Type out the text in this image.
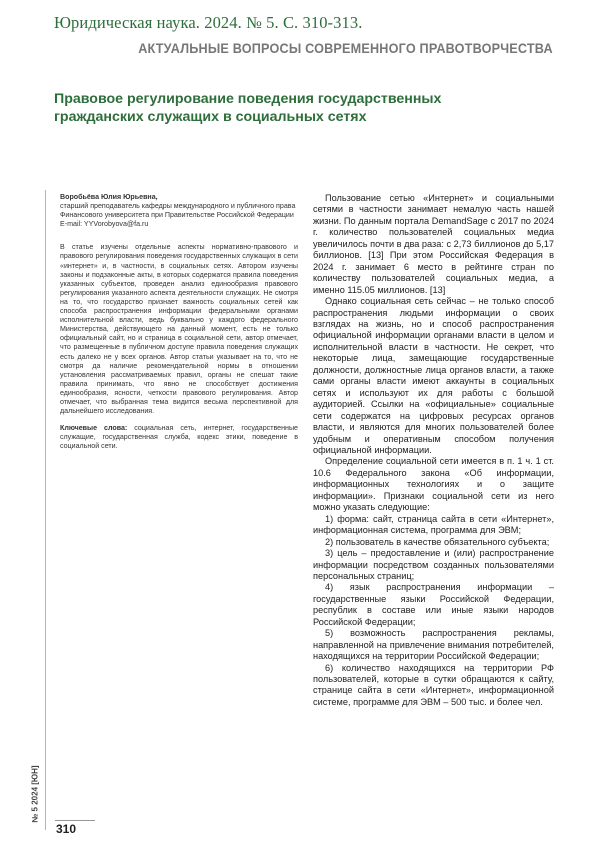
Юридическая наука. 2024. № 5. С. 310-313.
АКТУАЛЬНЫЕ ВОПРОСЫ СОВРЕМЕННОГО ПРАВОТВОРЧЕСТВА
Правовое регулирование поведения государственных гражданских служащих в социальных сетях
№ 5 2024 [ЮН]

Воробьёва Юлия Юрьевна,

старший преподаватель кафедры международного и публичного права Финансового университета при Правительстве Российской Федерации

E-mail: YYVorobyova@fa.ru

В статье изучены отдельные аспекты нормативно-правового и правового регулирования поведения государственных служащих в сети «интернет» и, в частности, в социальных сетях. Автором изучены законы и подзаконные акты, в которых содержатся правила поведения указанных субъектов, проведен анализ единообразия правового регулирования указанного аспекта деятельности служащих. Не смотря на то, что государство признает важность социальных сетей как способа распространения информации федеральными органами исполнительной власти, ведь буквально у каждого федерального Министерства, действующего на данный момент, есть не только официальный сайт, но и страница в социальной сети, автор отмечает, что размещенные в публичном доступе правила поведения служащих есть далеко не у всех органов. Автор статьи указывает на то, что не смотря да наличие рекомендательной нормы в отношении установления рассматриваемых правил, органы не спешат такие правила принимать, что явно не способствует достижения единообразия, ясности, четкости правового регулирования. Автор отмечает, что выбранная тема видится весьма перспективной для дальнейшего исследования.

Ключевые слова: социальная сеть, интернет, государственные служащие, государственная служба, кодекс этики, поведение в социальной сети.

Пользование сетью «Интернет» и социальными сетями в частности занимает немалую часть нашей жизни. По данным портала DemandSage с 2017 по 2024 г. количество пользователей социальных медиа увеличилось почти в два раза: с 2,73 биллионов до 5,17 биллионов. [13] При этом Российская Федерация в 2024 г. занимает 6 место в рейтинге стран по количеству пользователей социальных медиа, а именно 115.05 миллионов. [13]

Однако социальная сеть сейчас – не только способ распространения людьми информации о своих взглядах на жизнь, но и способ распространения официальной информации органами власти в целом и исполнительной власти в частности. Не секрет, что некоторые лица, замещающие государственные должности, должностные лица органов власти, а также сами органы власти имеют аккаунты в социальных сетях и используют их для работы с большой аудиторией. Ссылки на «официальные» социальные сети содержатся на цифровых ресурсах органов власти, и являются для многих пользователей более удобным и оперативным способом получения официальной информации.

Определение социальной сети имеется в п. 1 ч. 1 ст. 10.6 Федерального закона «Об информации, информационных технологиях и о защите информации». Признаки социальной сети из него можно указать следующие:

1) форма: сайт, страница сайта в сети «Интернет», информационная система, программа для ЭВМ;

2) пользователь в качестве обязательного субъекта;

3) цель – предоставление и (или) распространение информации посредством созданных пользователями персональных страниц;

4) язык распространения информации – государственные языки Российской Федерации, республик в составе или иные языки народов Российской Федерации;

5) возможность распространения рекламы, направленной на привлечение внимания потребителей, находящихся на территории Российской Федерации;

6) количество находящихся на территории РФ пользователей, которые в сутки обращаются к сайту, странице сайта в сети «Интернет», информационной системе, программе для ЭВМ – 500 тыс. и более чел.

310
